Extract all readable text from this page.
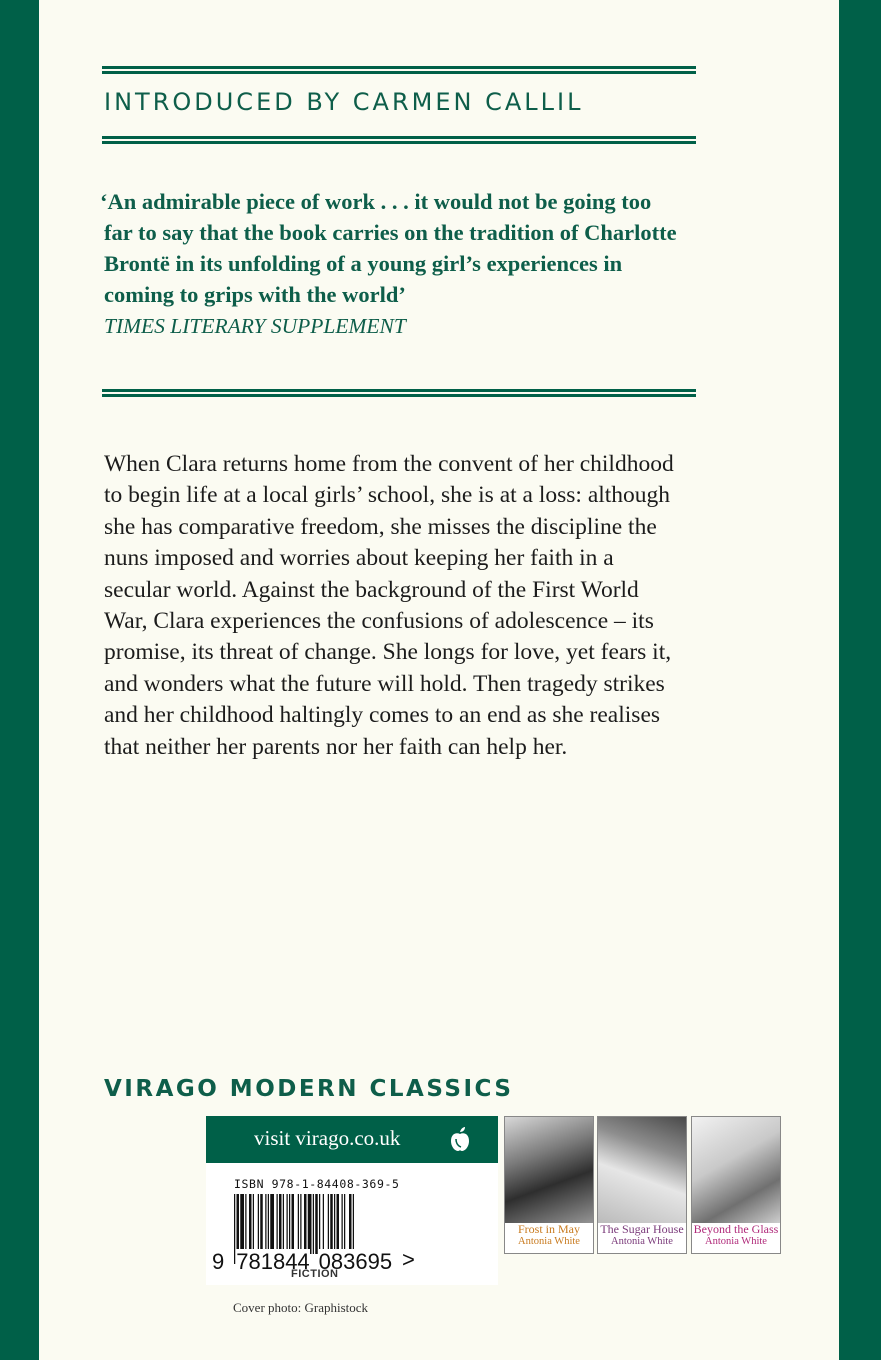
INTRODUCED BY CARMEN CALLIL
‘An admirable piece of work . . . it would not be going too
far to say that the book carries on the tradition of Charlotte
Brontë in its unfolding of a young girl’s experiences in
coming to grips with the world’
TIMES LITERARY SUPPLEMENT
When Clara returns home from the convent of her childhood
to begin life at a local girls’ school, she is at a loss: although
she has comparative freedom, she misses the discipline the
nuns imposed and worries about keeping her faith in a
secular world. Against the background of the First World
War, Clara experiences the confusions of adolescence – its
promise, its threat of change. She longs for love, yet fears it,
and wonders what the future will hold. Then tragedy strikes
and her childhood haltingly comes to an end as she realises
that neither her parents nor her faith can help her.
VIRAGO MODERN CLASSICS
visit virago.co.uk
ISBN 978-1-84408-369-5
9 781844 083695 >
FICTION
Frost in May
Antonia White
The Sugar House
Antonia White
Beyond the Glass
Antonia White
Cover photo: Graphistock
